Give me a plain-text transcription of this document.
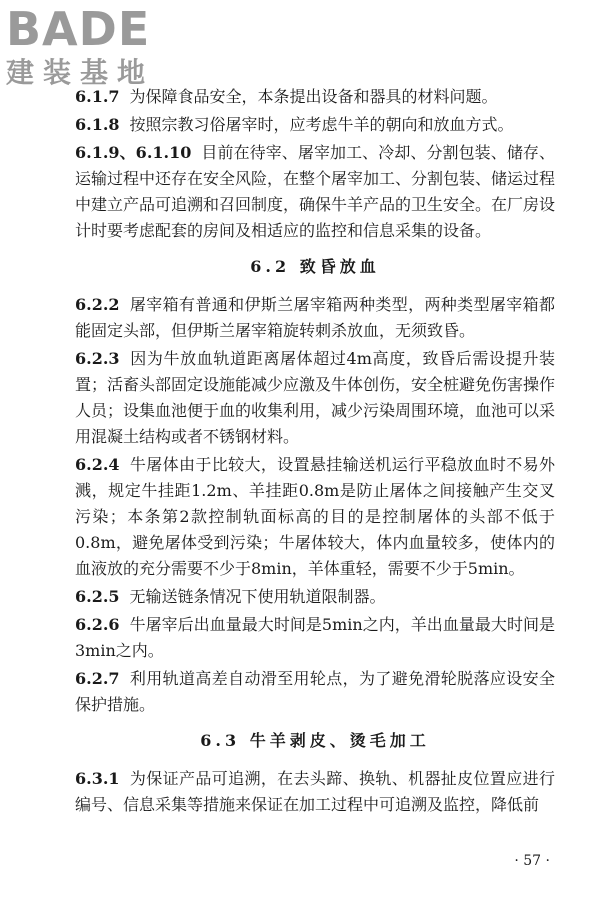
BADE
建装基地

6.1.7 为保障食品安全，本条提出设备和器具的材料问题。

6.1.8 按照宗教习俗屠宰时，应考虑牛羊的朝向和放血方式。

6.1.9、6.1.10 目前在待宰、屠宰加工、冷却、分割包装、储存、运输过程中还存在安全风险，在整个屠宰加工、分割包装、储运过程中建立产品可追溯和召回制度，确保牛羊产品的卫生安全。在厂房设计时要考虑配套的房间及相适应的监控和信息采集的设备。

6.2 致昏放血

6.2.2 屠宰箱有普通和伊斯兰屠宰箱两种类型，两种类型屠宰箱都能固定头部，但伊斯兰屠宰箱旋转刺杀放血，无须致昏。

6.2.3 因为牛放血轨道距离屠体超过4m高度，致昏后需设提升装置；活畜头部固定设施能减少应激及牛体创伤，安全桩避免伤害操作人员；设集血池便于血的收集利用，减少污染周围环境，血池可以采用混凝土结构或者不锈钢材料。

6.2.4 牛屠体由于比较大，设置悬挂输送机运行平稳放血时不易外溅，规定牛挂距1.2m、羊挂距0.8m是防止屠体之间接触产生交叉污染；本条第2款控制轨面标高的目的是控制屠体的头部不低于0.8m，避免屠体受到污染；牛屠体较大，体内血量较多，使体内的血液放的充分需要不少于8min，羊体重轻，需要不少于5min。

6.2.5 无输送链条情况下使用轨道限制器。

6.2.6 牛屠宰后出血量最大时间是5min之内，羊出血量最大时间是3min之内。

6.2.7 利用轨道高差自动滑至用轮点，为了避免滑轮脱落应设安全保护措施。

6.3 牛羊剥皮、烫毛加工

6.3.1 为保证产品可追溯，在去头蹄、换轨、机器扯皮位置应进行编号、信息采集等措施来保证在加工过程中可追溯及监控，降低前

· 57 ·
